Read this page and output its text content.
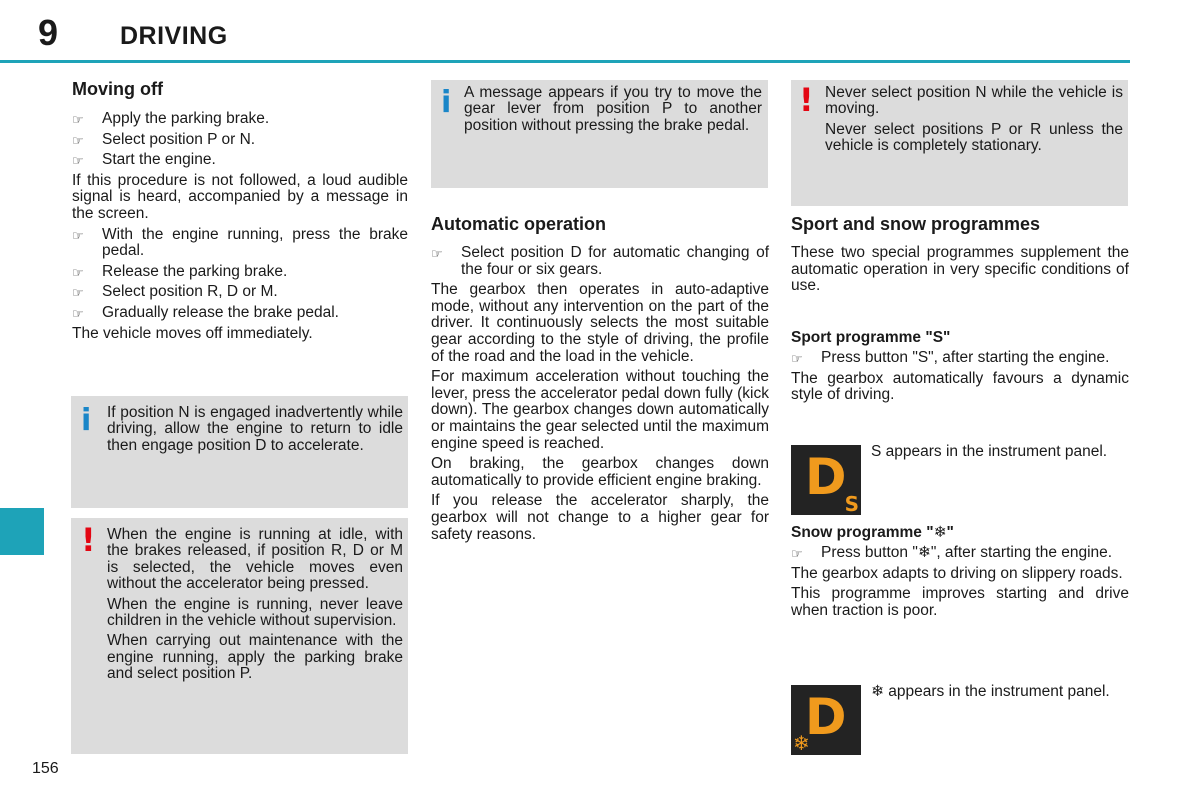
9 DRIVING
156
Moving off
☞ Apply the parking brake.
☞ Select position P or N.
☞ Start the engine.

If this procedure is not followed, a loud audible signal is heard, accompanied by a message in the screen.

☞ With the engine running, press the brake pedal.
☞ Release the parking brake.
☞ Select position R, D or M.
☞ Gradually release the brake pedal.

The vehicle moves off immediately.

i If position N is engaged inadvertently while driving, allow the engine to return to idle then engage position D to accelerate.

! When the engine is running at idle, with the brakes released, if position R, D or M is selected, the vehicle moves even without the accelerator being pressed.

When the engine is running, never leave children in the vehicle without supervision.

When carrying out maintenance with the engine running, apply the parking brake and select position P.

i A message appears if you try to move the gear lever from position P to another position without pressing the brake pedal.

Automatic operation
☞ Select position D for automatic changing of the four or six gears.

The gearbox then operates in auto-adaptive mode, without any intervention on the part of the driver. It continuously selects the most suitable gear according to the style of driving, the profile of the road and the load in the vehicle.

For maximum acceleration without touching the lever, press the accelerator pedal down fully (kick down). The gearbox changes down automatically or maintains the gear selected until the maximum engine speed is reached.

On braking, the gearbox changes down automatically to provide efficient engine braking.

If you release the accelerator sharply, the gearbox will not change to a higher gear for safety reasons.

! Never select position N while the vehicle is moving.

Never select positions P or R unless the vehicle is completely stationary.

Sport and snow programmes

These two special programmes supplement the automatic operation in very specific conditions of use.

Sport programme "S"
☞ Press button "S", after starting the engine.

The gearbox automatically favours a dynamic style of driving.

D
S
S appears in the instrument panel.
Snow programme "❄"
☞ Press button "❄", after starting the engine.

The gearbox adapts to driving on slippery roads.

This programme improves starting and drive when traction is poor.

D
❄
❄ appears in the instrument panel.
